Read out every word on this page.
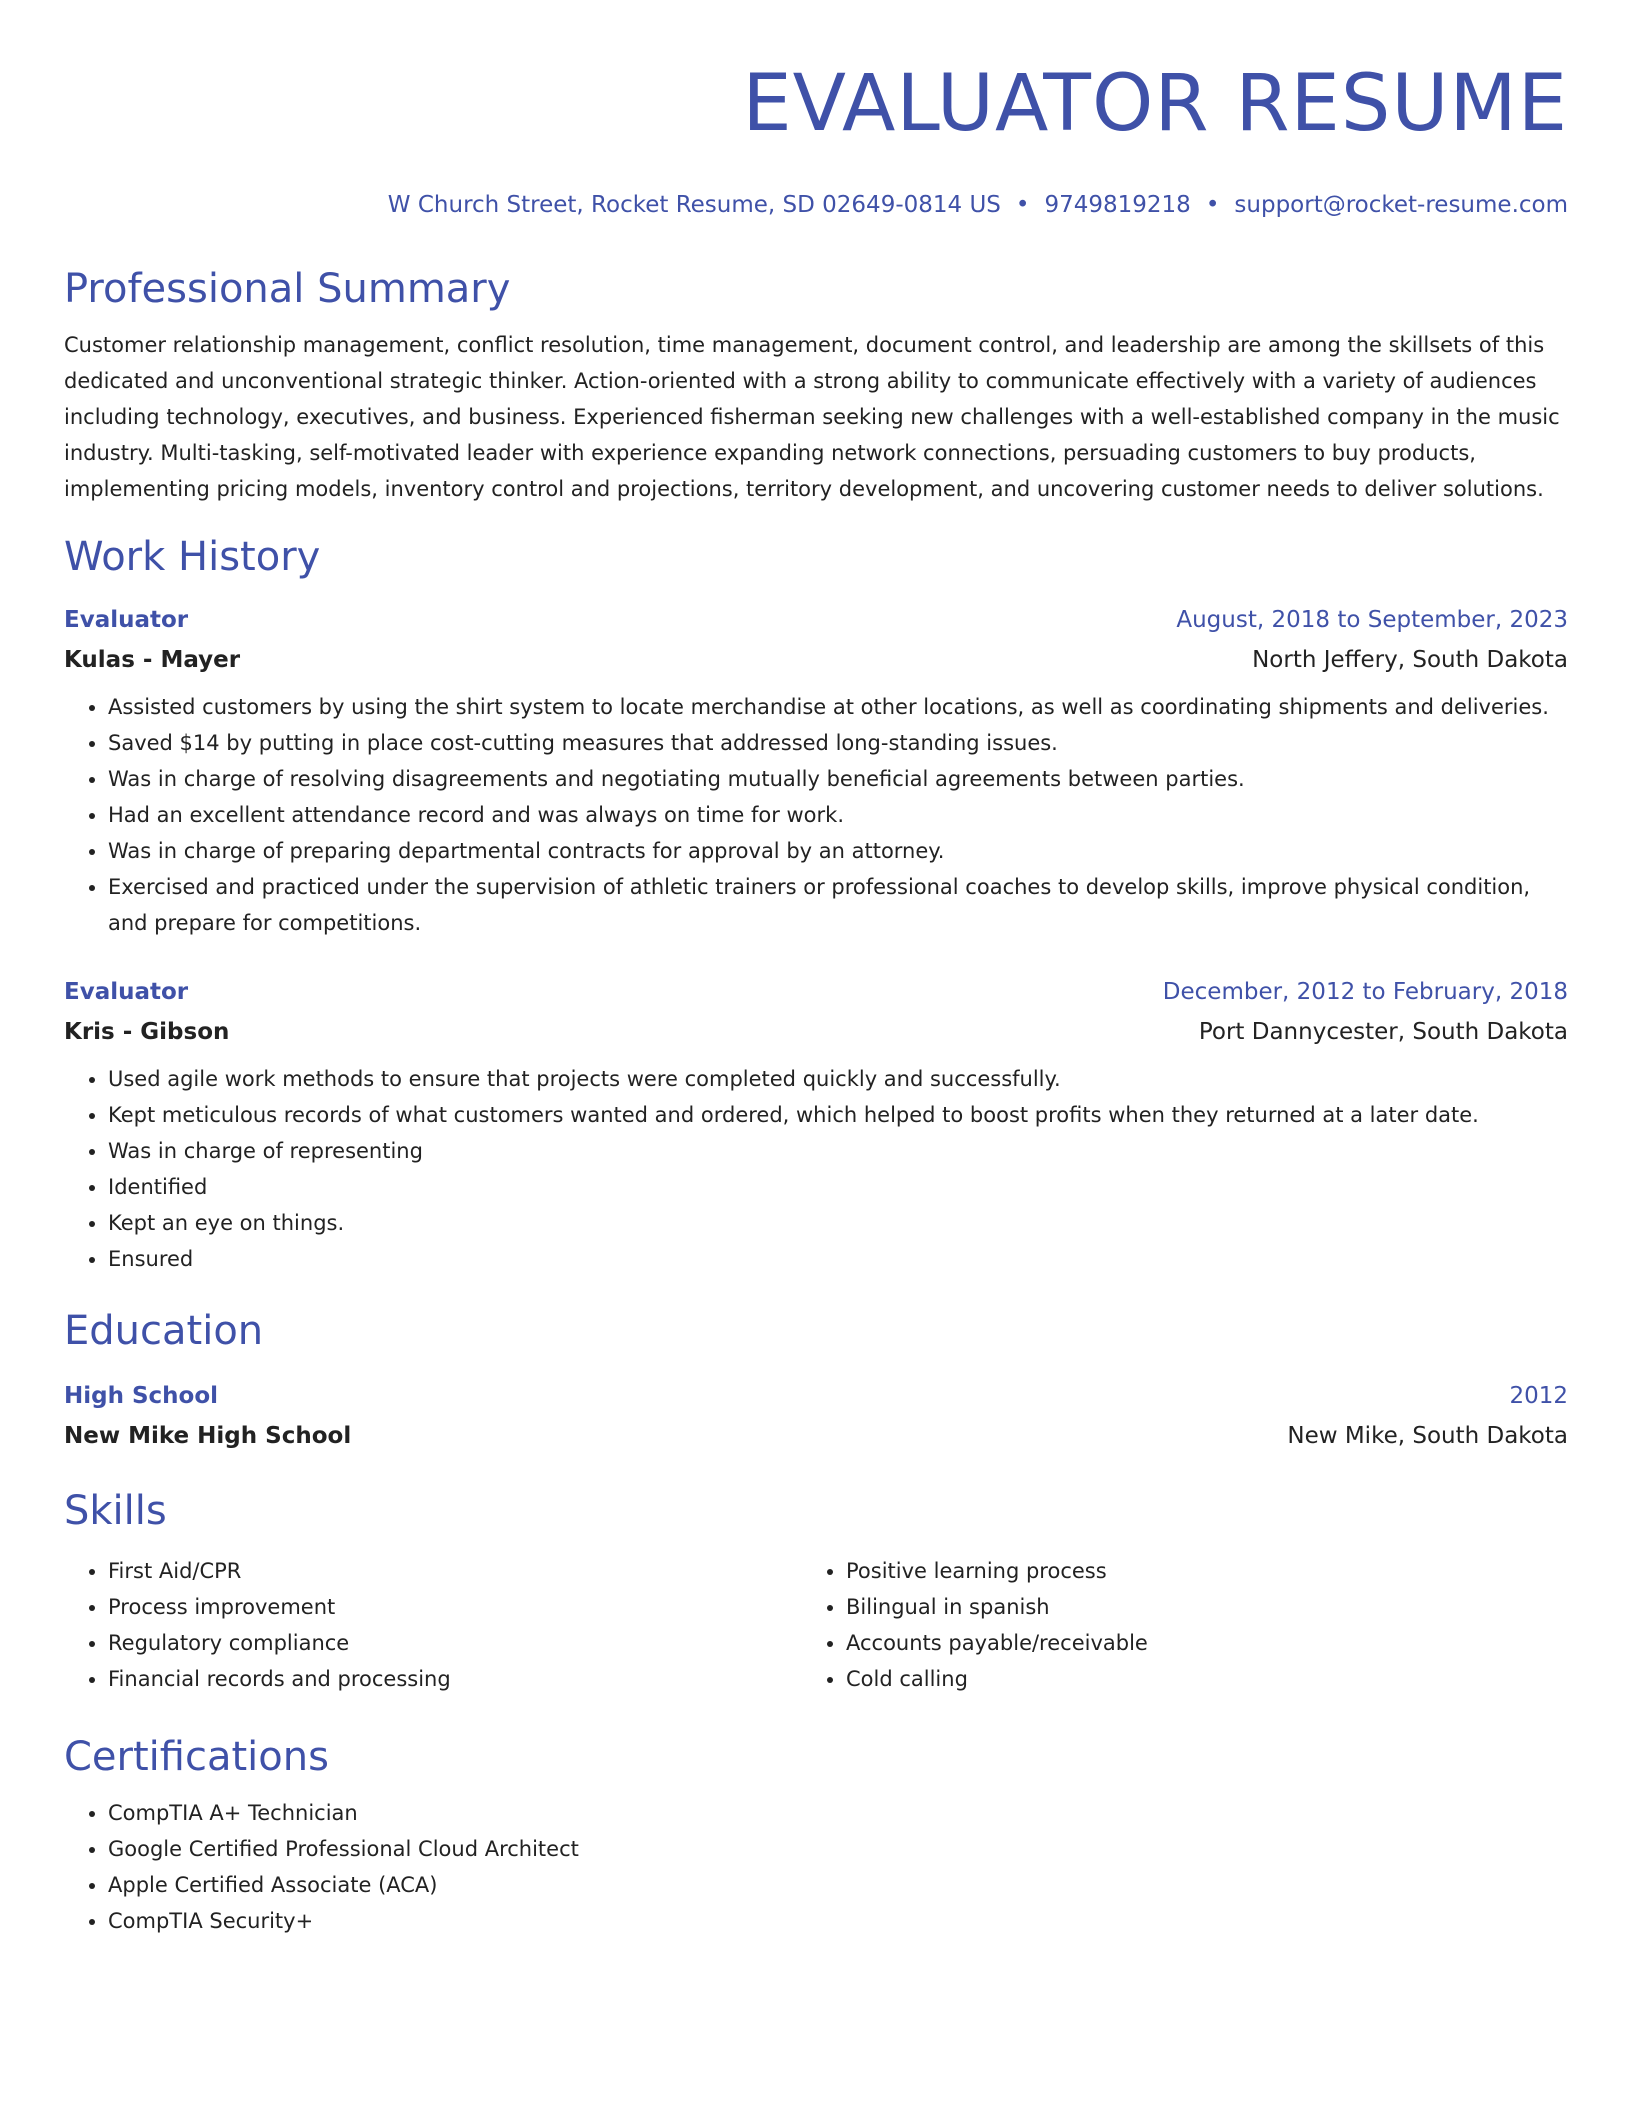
EVALUATOR RESUME
W Church Street, Rocket Resume, SD 02649-0814 US • 9749819218 • support@rocket-resume.com
Professional Summary
Customer relationship management, conflict resolution, time management, document control, and leadership are among the skillsets of this dedicated and unconventional strategic thinker. Action-oriented with a strong ability to communicate effectively with a variety of audiences including technology, executives, and business. Experienced fisherman seeking new challenges with a well-established company in the music industry. Multi-tasking, self-motivated leader with experience expanding network connections, persuading customers to buy products, implementing pricing models, inventory control and projections, territory development, and uncovering customer needs to deliver solutions.
Work History
Evaluator	August, 2018 to September, 2023
Kulas - Mayer	North Jeffery, South Dakota
• Assisted customers by using the shirt system to locate merchandise at other locations, as well as coordinating shipments and deliveries.
• Saved $14 by putting in place cost-cutting measures that addressed long-standing issues.
• Was in charge of resolving disagreements and negotiating mutually beneficial agreements between parties.
• Had an excellent attendance record and was always on time for work.
• Was in charge of preparing departmental contracts for approval by an attorney.
• Exercised and practiced under the supervision of athletic trainers or professional coaches to develop skills, improve physical condition, and prepare for competitions.
Evaluator	December, 2012 to February, 2018
Kris - Gibson	Port Dannycester, South Dakota
• Used agile work methods to ensure that projects were completed quickly and successfully.
• Kept meticulous records of what customers wanted and ordered, which helped to boost profits when they returned at a later date.
• Was in charge of representing
• Identified
• Kept an eye on things.
• Ensured
Education
High School	2012
New Mike High School	New Mike, South Dakota
Skills
• First Aid/CPR
• Process improvement
• Regulatory compliance
• Financial records and processing
• Positive learning process
• Bilingual in spanish
• Accounts payable/receivable
• Cold calling
Certifications
• CompTIA A+ Technician
• Google Certified Professional Cloud Architect
• Apple Certified Associate (ACA)
• CompTIA Security+
